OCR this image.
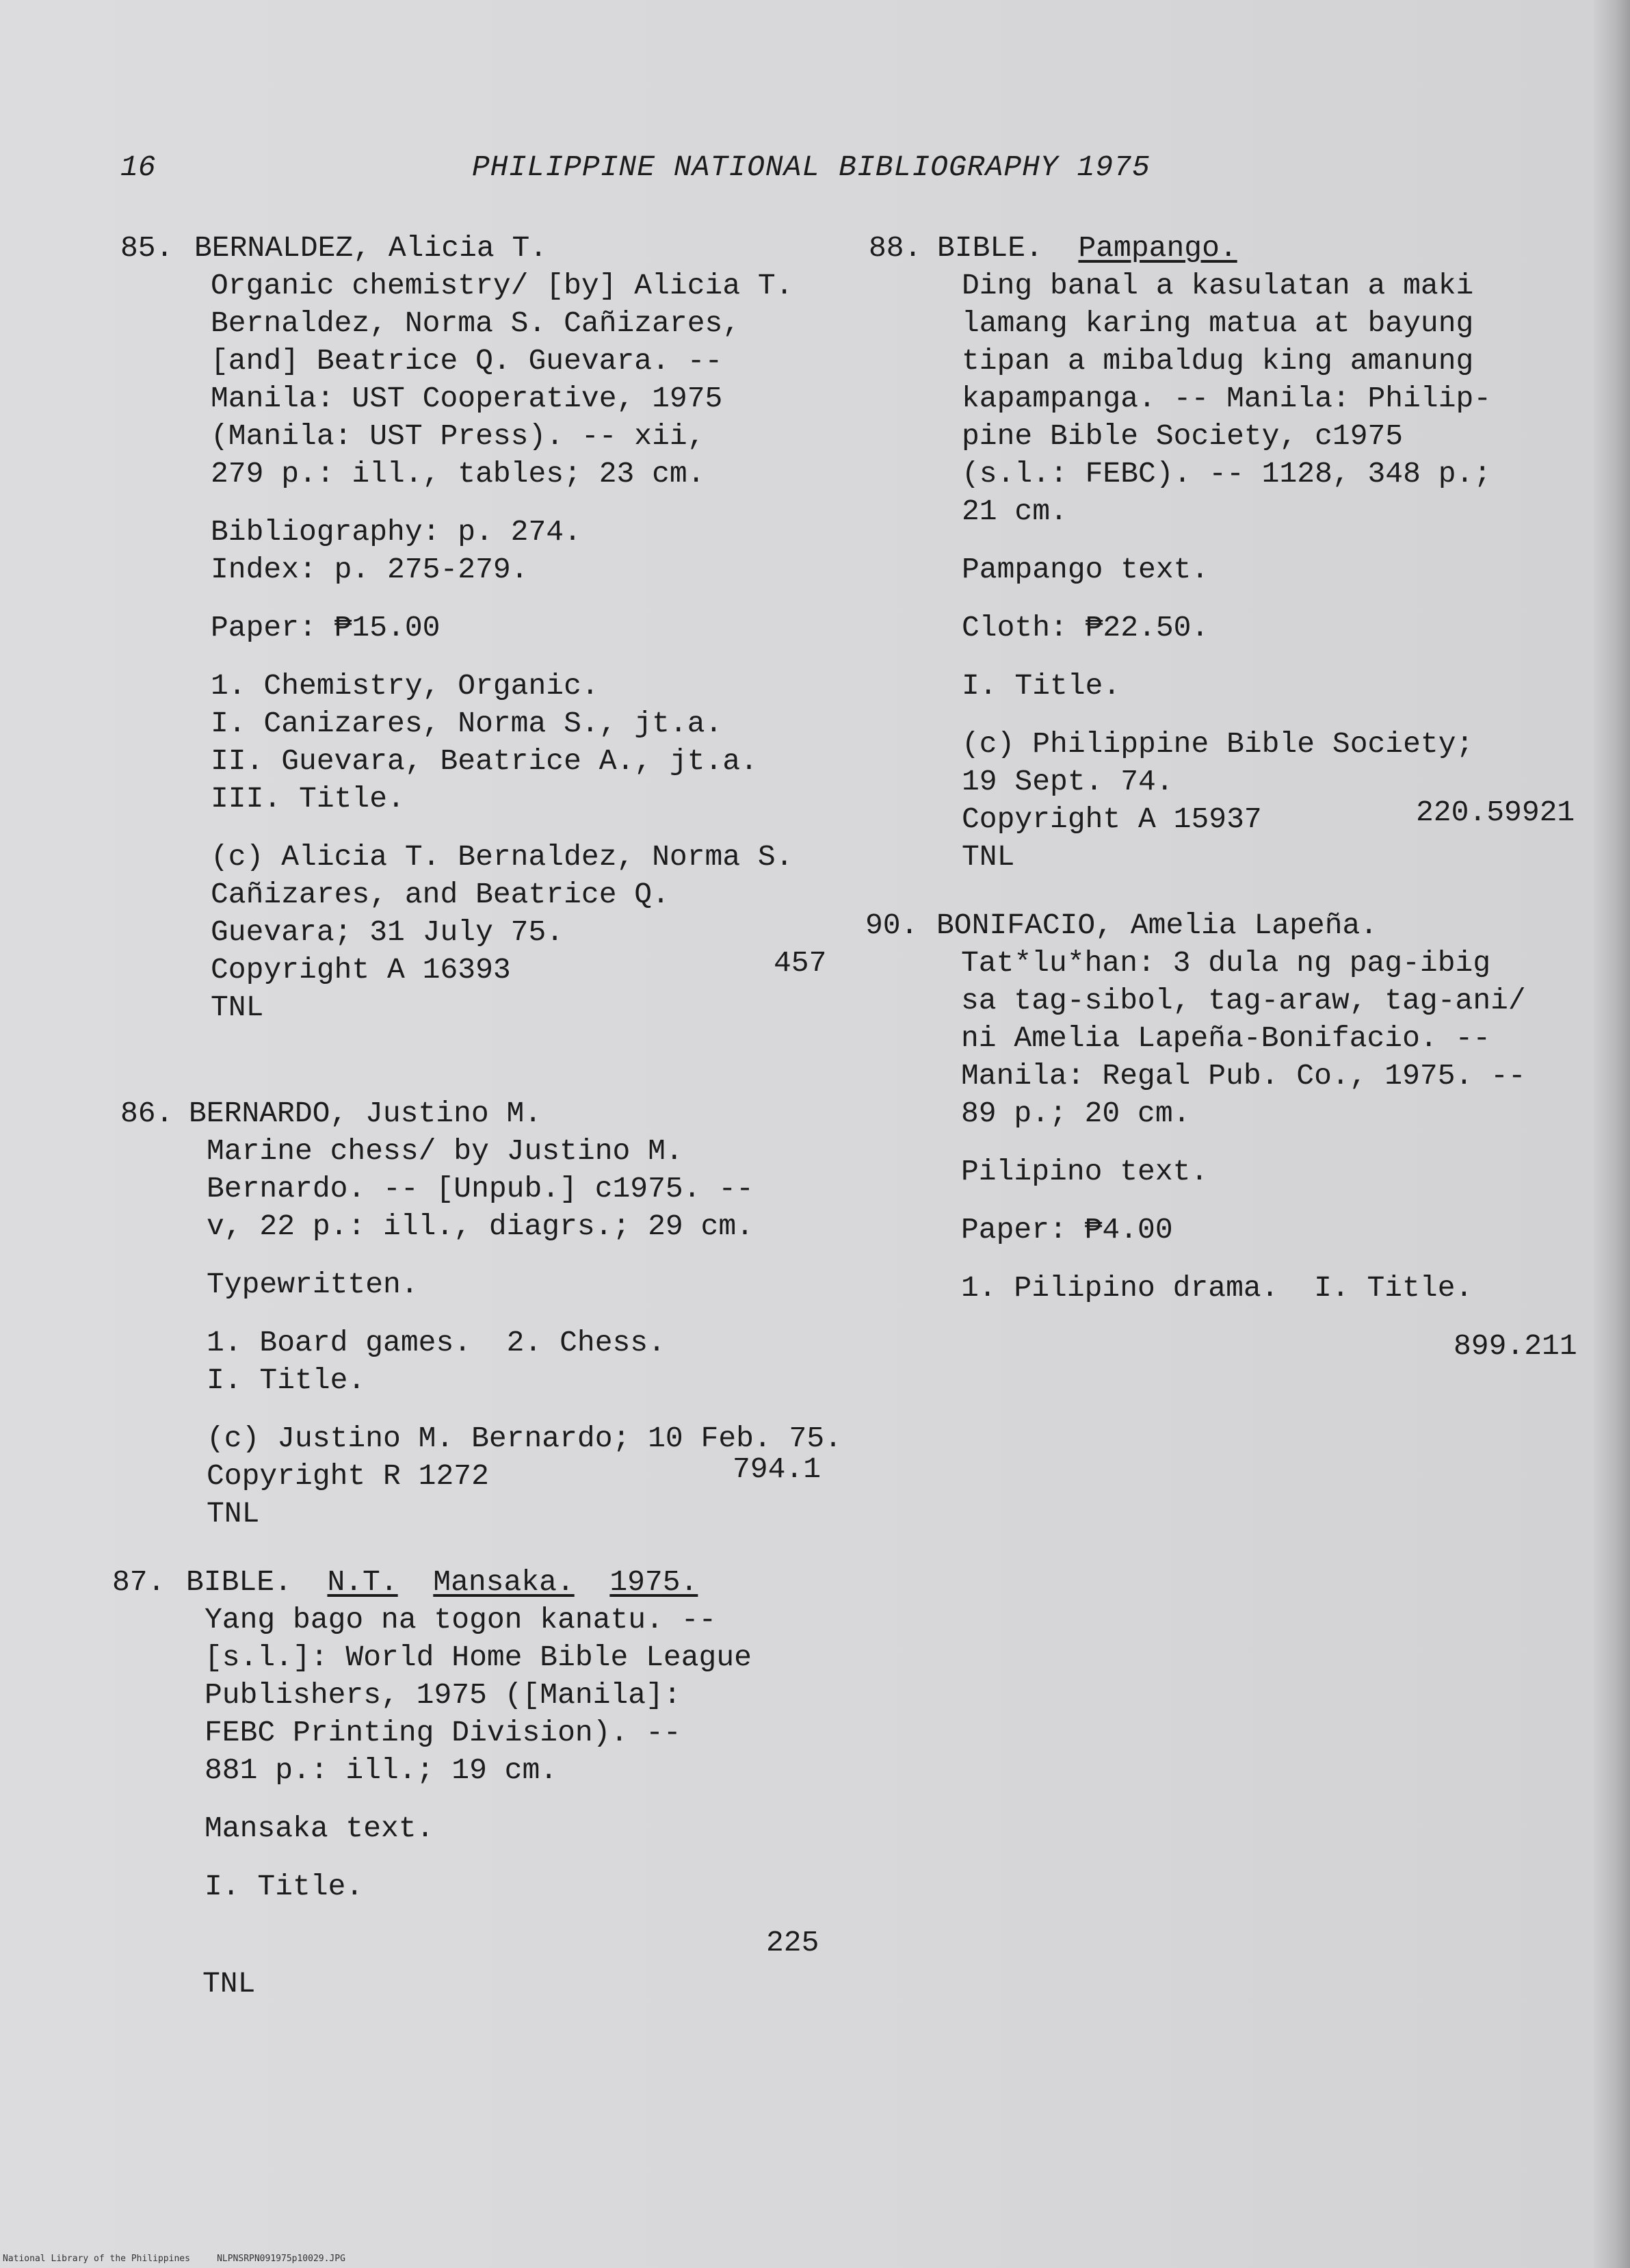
16	PHILIPPINE NATIONAL BIBLIOGRAPHY 1975
85. BERNALDEZ, Alicia T.
Organic chemistry/ [by] Alicia T.
Bernaldez, Norma S. Cañizares,
[and] Beatrice Q. Guevara. --
Manila: UST Cooperative, 1975
(Manila: UST Press). -- xii,
279 p.: ill., tables; 23 cm.
Bibliography: p. 274.
Index: p. 275-279.
Paper: ₱15.00
1. Chemistry, Organic.
I. Canizares, Norma S., jt.a.
II. Guevara, Beatrice A., jt.a.
III. Title.
(c) Alicia T. Bernaldez, Norma S.
Cañizares, and Beatrice Q.
Guevara; 31 July 75.
Copyright A 16393
TNL
457
86. BERNARDO, Justino M.
Marine chess/ by Justino M.
Bernardo. -- [Unpub.] c1975. --
v, 22 p.: ill., diagrs.; 29 cm.
Typewritten.
1. Board games.  2. Chess.
I. Title.
(c) Justino M. Bernardo; 10 Feb. 75.
Copyright R 1272
TNL
794.1
87. BIBLE. N.T. Mansaka. 1975.
Yang bago na togon kanatu. --
[s.l.]: World Home Bible League
Publishers, 1975 ([Manila]:
FEBC Printing Division). --
881 p.: ill.; 19 cm.
Mansaka text.
I. Title.
88. BIBLE. Pampango.
Ding banal a kasulatan a maki
lamang karing matua at bayung
tipan a mibaldug king amanung
kapampanga. -- Manila: Philip-
pine Bible Society, c1975
(s.l.: FEBC). -- 1128, 348 p.;
21 cm.
Pampango text.
Cloth: ₱22.50.
I. Title.
(c) Philippine Bible Society;
19 Sept. 74.
Copyright A 15937
TNL
220.59921
90. BONIFACIO, Amelia Lapeña.
Tat*lu*han: 3 dula ng pag-ibig
sa tag-sibol, tag-araw, tag-ani/
ni Amelia Lapeña-Bonifacio. --
Manila: Regal Pub. Co., 1975. --
89 p.; 20 cm.
Pilipino text.
Paper: ₱4.00
1. Pilipino drama.  I. Title.
899.211
225
TNL
National Library of the Philippines     NLPNSRPN091975p10029.JPG
